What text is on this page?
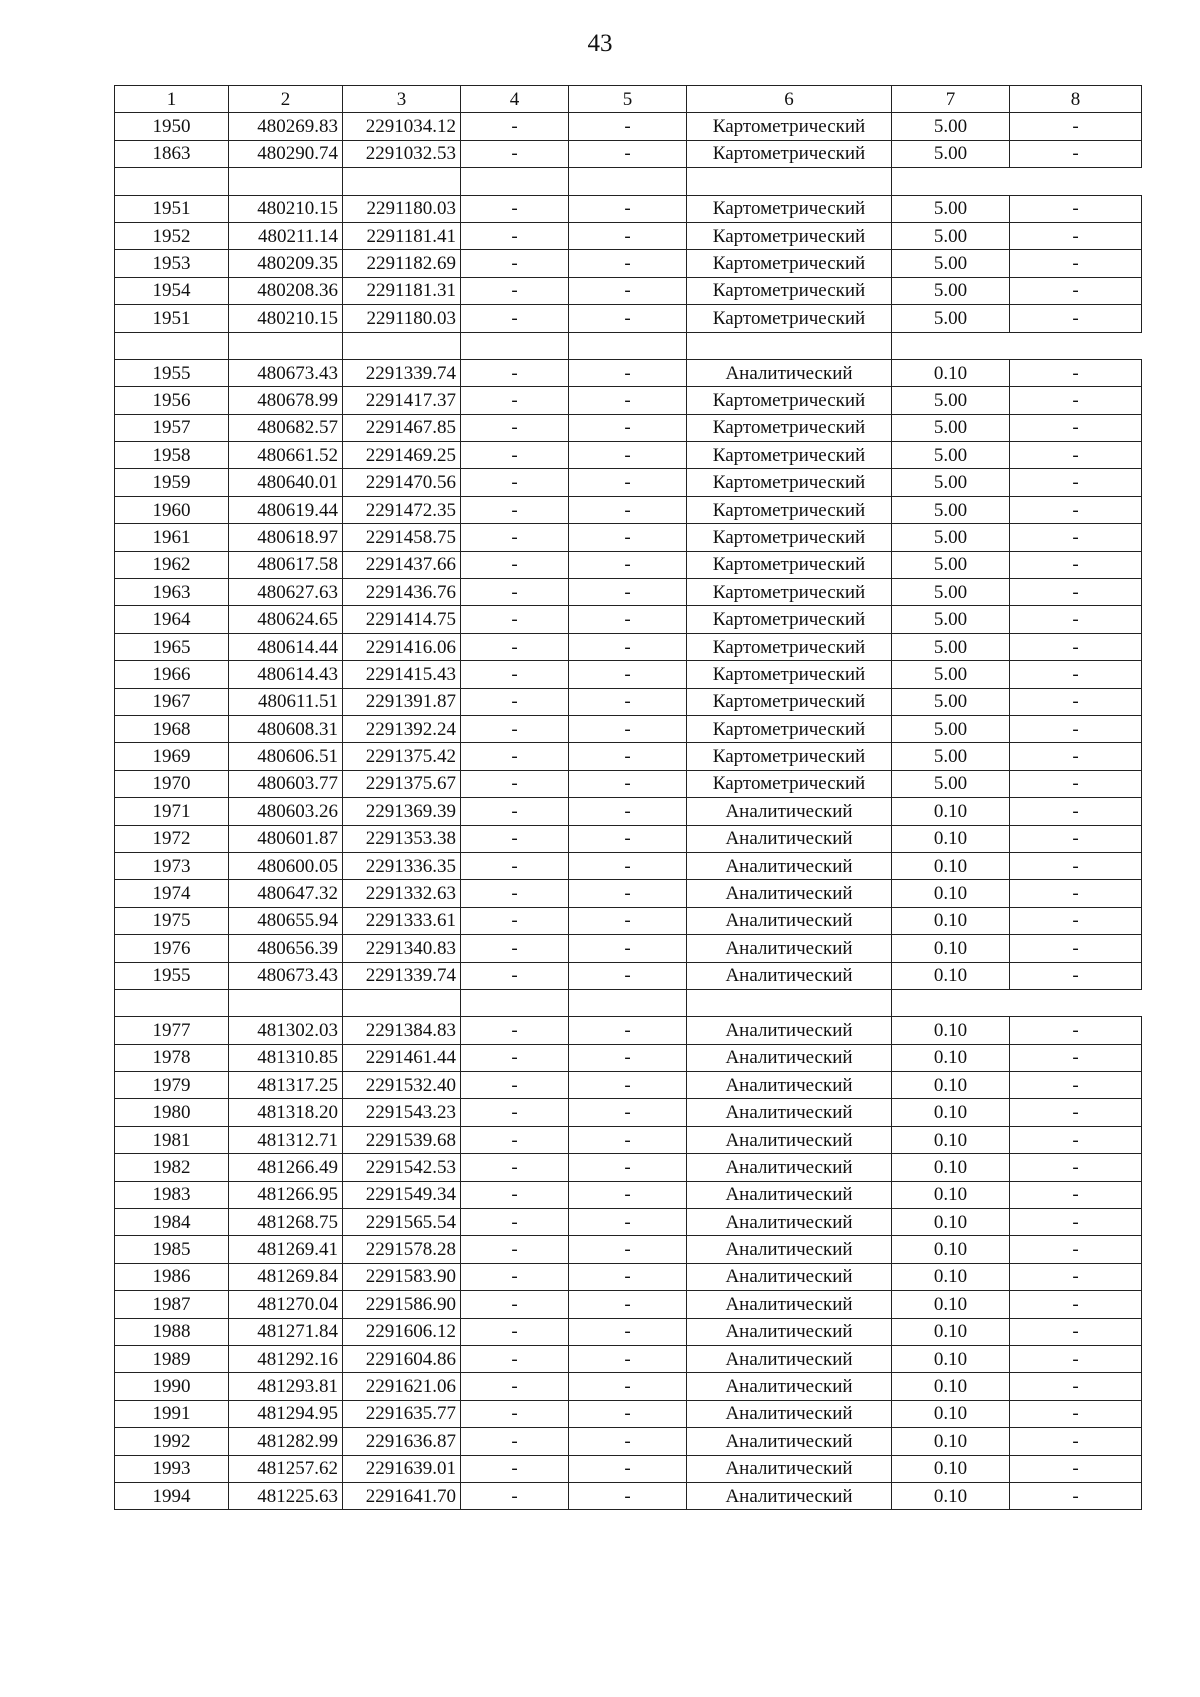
43
1	2	3	4	5	6	7	8
1950	480269.83	2291034.12	-	-	Картометрический	5.00	-
1863	480290.74	2291032.53	-	-	Картометрический	5.00	-

1951	480210.15	2291180.03	-	-	Картометрический	5.00	-
1952	480211.14	2291181.41	-	-	Картометрический	5.00	-
1953	480209.35	2291182.69	-	-	Картометрический	5.00	-
1954	480208.36	2291181.31	-	-	Картометрический	5.00	-
1951	480210.15	2291180.03	-	-	Картометрический	5.00	-

1955	480673.43	2291339.74	-	-	Аналитический	0.10	-
1956	480678.99	2291417.37	-	-	Картометрический	5.00	-
1957	480682.57	2291467.85	-	-	Картометрический	5.00	-
1958	480661.52	2291469.25	-	-	Картометрический	5.00	-
1959	480640.01	2291470.56	-	-	Картометрический	5.00	-
1960	480619.44	2291472.35	-	-	Картометрический	5.00	-
1961	480618.97	2291458.75	-	-	Картометрический	5.00	-
1962	480617.58	2291437.66	-	-	Картометрический	5.00	-
1963	480627.63	2291436.76	-	-	Картометрический	5.00	-
1964	480624.65	2291414.75	-	-	Картометрический	5.00	-
1965	480614.44	2291416.06	-	-	Картометрический	5.00	-
1966	480614.43	2291415.43	-	-	Картометрический	5.00	-
1967	480611.51	2291391.87	-	-	Картометрический	5.00	-
1968	480608.31	2291392.24	-	-	Картометрический	5.00	-
1969	480606.51	2291375.42	-	-	Картометрический	5.00	-
1970	480603.77	2291375.67	-	-	Картометрический	5.00	-
1971	480603.26	2291369.39	-	-	Аналитический	0.10	-
1972	480601.87	2291353.38	-	-	Аналитический	0.10	-
1973	480600.05	2291336.35	-	-	Аналитический	0.10	-
1974	480647.32	2291332.63	-	-	Аналитический	0.10	-
1975	480655.94	2291333.61	-	-	Аналитический	0.10	-
1976	480656.39	2291340.83	-	-	Аналитический	0.10	-
1955	480673.43	2291339.74	-	-	Аналитический	0.10	-

1977	481302.03	2291384.83	-	-	Аналитический	0.10	-
1978	481310.85	2291461.44	-	-	Аналитический	0.10	-
1979	481317.25	2291532.40	-	-	Аналитический	0.10	-
1980	481318.20	2291543.23	-	-	Аналитический	0.10	-
1981	481312.71	2291539.68	-	-	Аналитический	0.10	-
1982	481266.49	2291542.53	-	-	Аналитический	0.10	-
1983	481266.95	2291549.34	-	-	Аналитический	0.10	-
1984	481268.75	2291565.54	-	-	Аналитический	0.10	-
1985	481269.41	2291578.28	-	-	Аналитический	0.10	-
1986	481269.84	2291583.90	-	-	Аналитический	0.10	-
1987	481270.04	2291586.90	-	-	Аналитический	0.10	-
1988	481271.84	2291606.12	-	-	Аналитический	0.10	-
1989	481292.16	2291604.86	-	-	Аналитический	0.10	-
1990	481293.81	2291621.06	-	-	Аналитический	0.10	-
1991	481294.95	2291635.77	-	-	Аналитический	0.10	-
1992	481282.99	2291636.87	-	-	Аналитический	0.10	-
1993	481257.62	2291639.01	-	-	Аналитический	0.10	-
1994	481225.63	2291641.70	-	-	Аналитический	0.10	-
